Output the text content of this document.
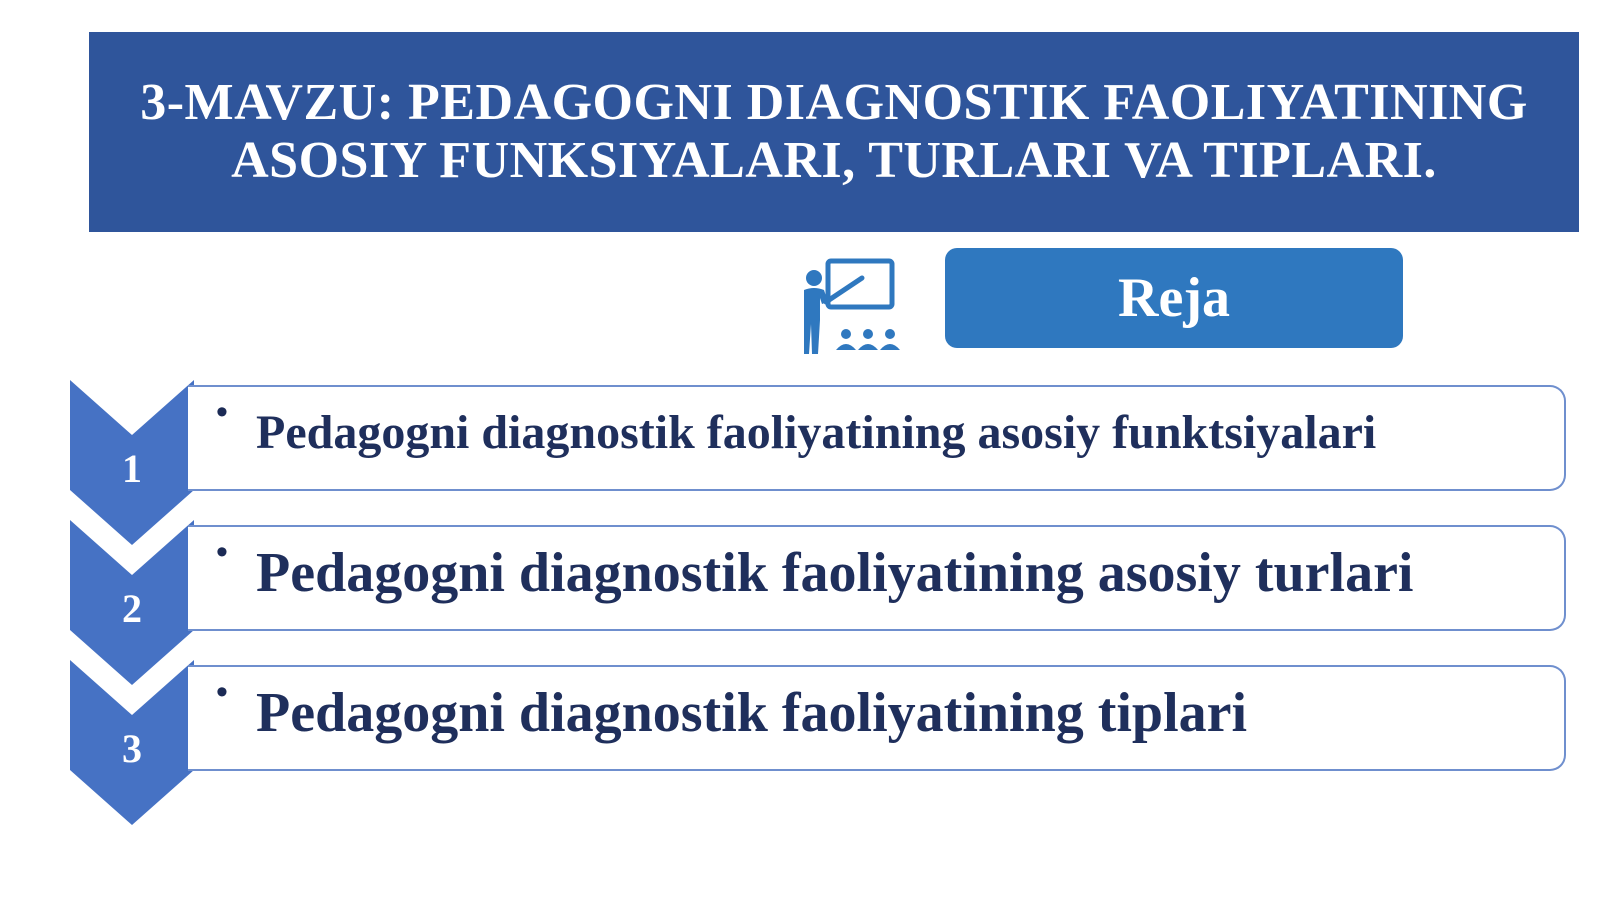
3-MAVZU: PEDAGOGNI DIAGNOSTIK FAOLIYATINING
ASOSIY FUNKSIYALARI, TURLARI VA TIPLARI.
Reja
1
2
3
• Pedagogni diagnostik faoliyatining asosiy funktsiyalari
• Pedagogni diagnostik faoliyatining asosiy turlari
• Pedagogni diagnostik faoliyatining tiplari
